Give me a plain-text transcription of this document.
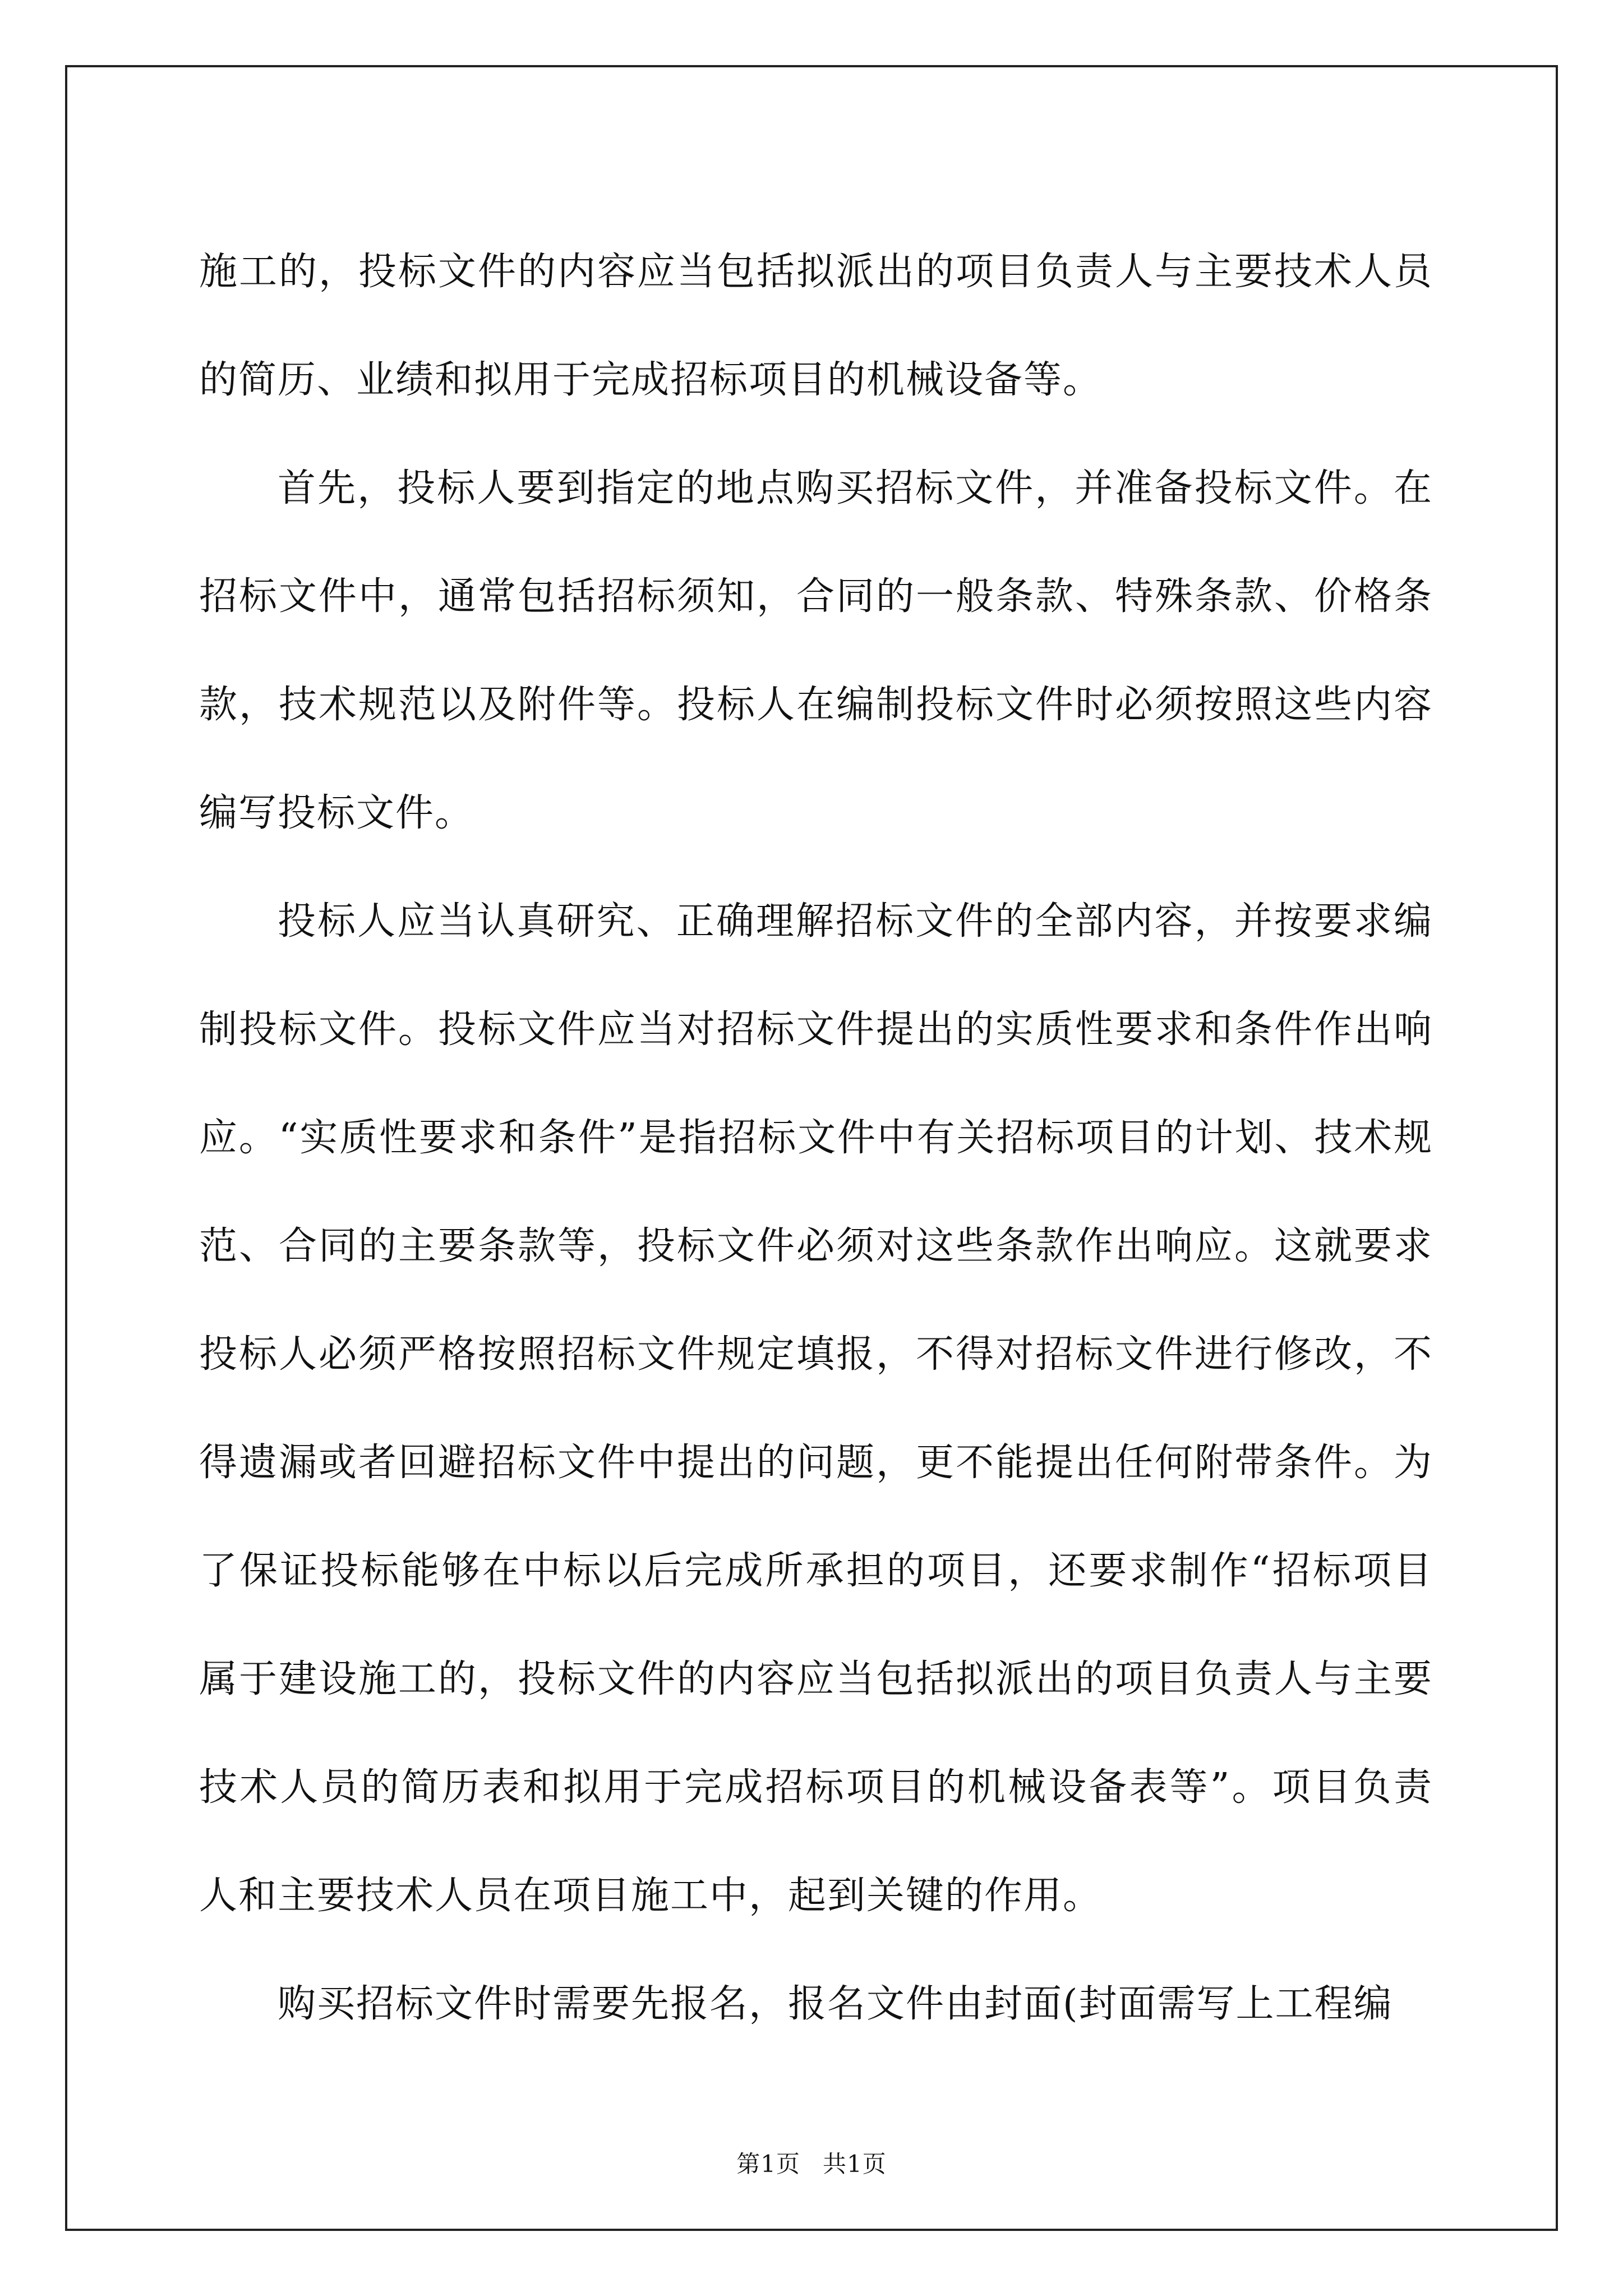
施工的，投标文件的内容应当包括拟派出的项目负责人与主要技术人员的简历、业绩和拟用于完成招标项目的机械设备等。

首先，投标人要到指定的地点购买招标文件，并准备投标文件。在招标文件中，通常包括招标须知，合同的一般条款、特殊条款、价格条款，技术规范以及附件等。投标人在编制投标文件时必须按照这些内容编写投标文件。

投标人应当认真研究、正确理解招标文件的全部内容，并按要求编制投标文件。投标文件应当对招标文件提出的实质性要求和条件作出响应。“实质性要求和条件”是指招标文件中有关招标项目的计划、技术规范、合同的主要条款等，投标文件必须对这些条款作出响应。这就要求投标人必须严格按照招标文件规定填报，不得对招标文件进行修改，不得遗漏或者回避招标文件中提出的问题，更不能提出任何附带条件。为了保证投标能够在中标以后完成所承担的项目，还要求制作“招标项目属于建设施工的，投标文件的内容应当包括拟派出的项目负责人与主要技术人员的简历表和拟用于完成招标项目的机械设备表等”。项目负责人和主要技术人员在项目施工中，起到关键的作用。

购买招标文件时需要先报名，报名文件由封面(封面需写上工程编

第1页 共1页
